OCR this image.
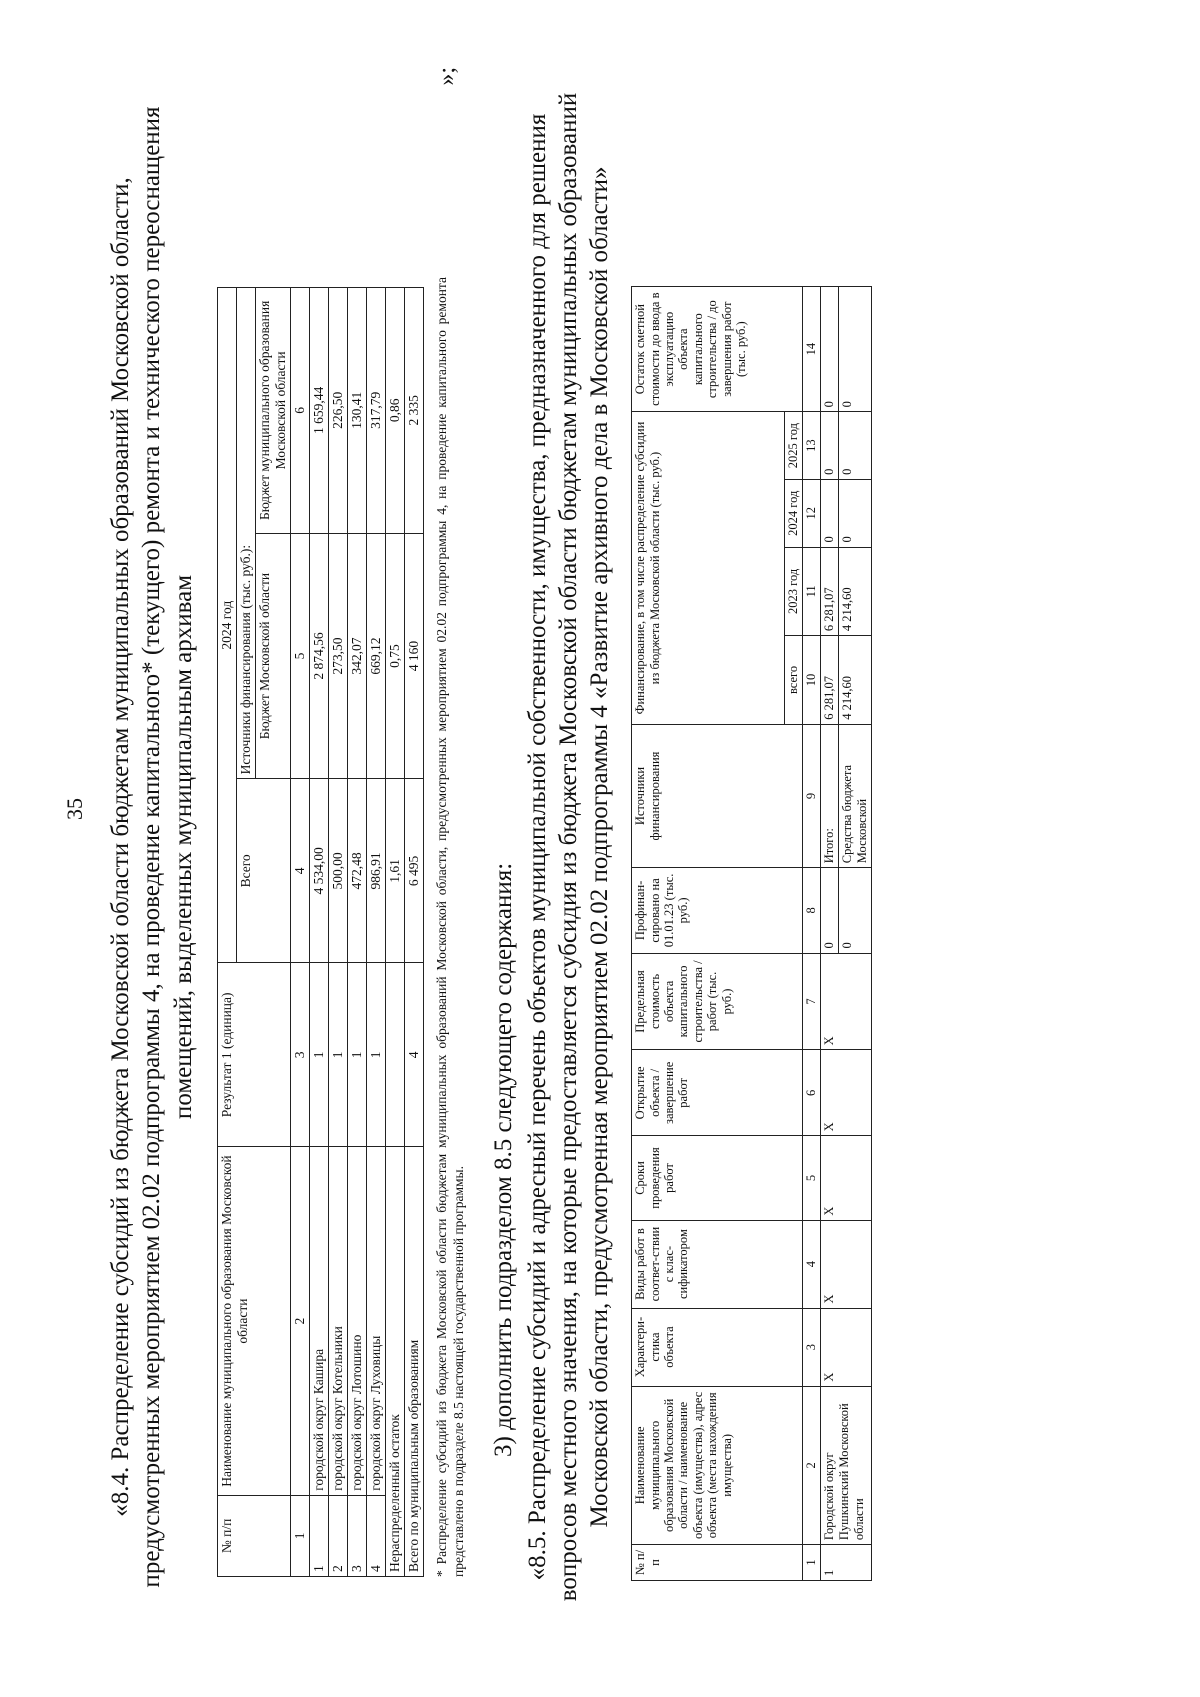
35 «8.4. Распределение субсидий из бюджета Московской области бюджетам муниципальных образований Московской области, предусмотренных мероприятием 02.02 подпрограммы 4, на проведение капитального* (текущего) ремонта и технического переоснащения помещений, выделенных муниципальным архивам
№ п/п	Наименование муниципального образования Московской области	Результат 1 (единица)	2024 год		
			Всего	Источники финансирования (тыс. руб.):	
				Бюджет Московской области	Бюджет муниципального образования Московской области
1	2	3	4	5	6
1	городской округ Кашира	1	4 534,00	2 874,56	1 659,44
2	городской округ Котельники	1	500,00	273,50	226,50
3	городской округ Лотошино	1	472,48	342,07	130,41
4	городской округ Луховицы	1	986,91	669,12	317,79
Нераспределенный остаток			1,61	0,75	0,86
Всего по муниципальным образованиям		4	6 495	4 160	2 335
»;
* Распределение субсидий из бюджета Московской области бюджетам муниципальных образований Московской области, предусмотренных мероприятием 02.02 подпрограммы 4, на проведение капитального ремонта представлено в подразделе 8.5 настоящей государственной программы. 3) дополнить подразделом 8.5 следующего содержания: «8.5. Распределение субсидий и адресный перечень объектов муниципальной собственности, имущества, предназначенного для решения вопросов местного значения, на которые предоставляется субсидия из бюджета Московской области бюджетам муниципальных образований Московской области, предусмотренная мероприятием 02.02 подпрограммы 4 «Развитие архивного дела в Московской области»
№ п/п	Наименование муниципального образования Московской области / наименование объекта (имущества), адрес объекта (места нахождения имущества)	Характери-стика объекта	Виды работ в соответ-ствии с клас-сификатором	Сроки проведения работ	Открытие объекта / завершение работ	Предельная стоимость объекта капитального строительства / работ (тыс. руб.)	Профинан-сировано на 01.01.23 (тыс. руб.)	Источники финансирования	Финансирование, в том числе распределение субсидии из бюджета Московской области (тыс. руб.)				Остаток сметной стоимости до ввода в эксплуатацию объекта капитального строительства / до завершения работ (тыс. руб.)
									всего	2023 год	2024 год	2025 год	
1	2	3	4	5	6	7	8	9	10	11	12	13	14
1	Городской округ Пушкинский Московской области	Х	Х	Х	Х	Х	0	Итого:	6 281,07	6 281,07	0	0	0
							0	Средства бюджета Московской	4 214,60	4 214,60	0	0	0
